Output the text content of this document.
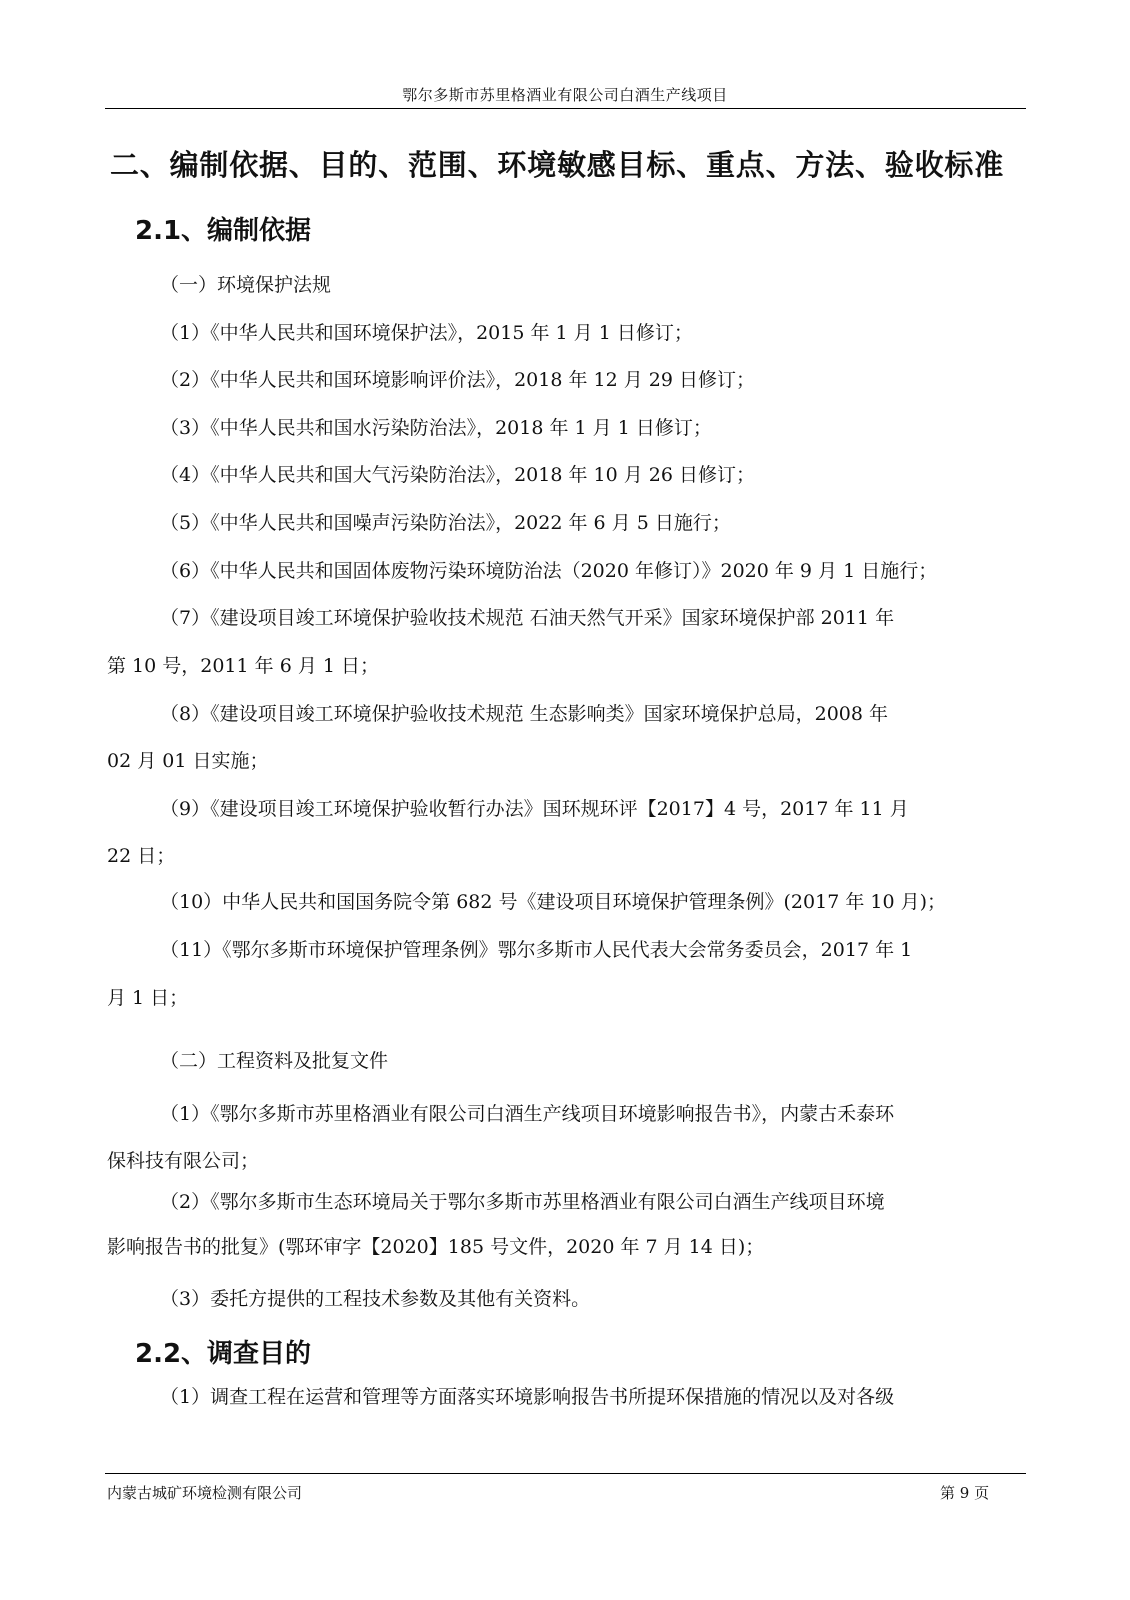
鄂尔多斯市苏里格酒业有限公司白酒生产线项目
二、编制依据、目的、范围、环境敏感目标、重点、方法、验收标准
2.1、编制依据
（一）环境保护法规
（1）《中华人民共和国环境保护法》，2015 年 1 月 1 日修订；
（2）《中华人民共和国环境影响评价法》，2018 年 12 月 29 日修订；
（3）《中华人民共和国水污染防治法》，2018 年 1 月 1 日修订；
（4）《中华人民共和国大气污染防治法》，2018 年 10 月 26 日修订；
（5）《中华人民共和国噪声污染防治法》，2022 年 6 月 5 日施行；
（6）《中华人民共和国固体废物污染环境防治法（2020 年修订）》2020 年 9 月 1 日施行；
（7）《建设项目竣工环境保护验收技术规范 石油天然气开采》国家环境保护部 2011 年
第 10 号，2011 年 6 月 1 日；
（8）《建设项目竣工环境保护验收技术规范 生态影响类》国家环境保护总局，2008 年
02 月 01 日实施；
（9）《建设项目竣工环境保护验收暂行办法》国环规环评【2017】4 号，2017 年 11 月
22 日；
（10）中华人民共和国国务院令第 682 号《建设项目环境保护管理条例》(2017 年 10 月)；
（11）《鄂尔多斯市环境保护管理条例》鄂尔多斯市人民代表大会常务委员会，2017 年 1
月 1 日；
（二）工程资料及批复文件
（1）《鄂尔多斯市苏里格酒业有限公司白酒生产线项目环境影响报告书》，内蒙古禾泰环
保科技有限公司；
（2）《鄂尔多斯市生态环境局关于鄂尔多斯市苏里格酒业有限公司白酒生产线项目环境
影响报告书的批复》(鄂环审字【2020】185 号文件，2020 年 7 月 14 日)；
（3）委托方提供的工程技术参数及其他有关资料。
2.2、调查目的
（1）调查工程在运营和管理等方面落实环境影响报告书所提环保措施的情况以及对各级
内蒙古城矿环境检测有限公司	第 9 页
